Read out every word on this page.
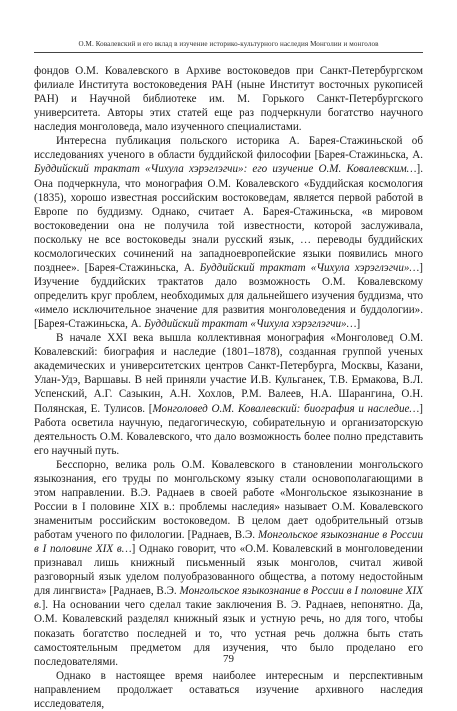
О.М. Ковалевский и его вклад в изучение историко-культурного наследия Монголии и монголов

фондов О.М. Ковалевского в Архиве востоковедов при Санкт-Петербургском филиале Института востоковедения РАН (ныне Институт восточных рукописей РАН) и Научной библиотеке им. М. Горького Санкт-Петербургского университета. Авторы этих статей еще раз подчеркнули богатство научного наследия монголоведа, мало изученного специалистами.

Интересна публикация польского историка А. Барея-Стажиньской об исследованиях ученого в области буддийской философии [Барея-Стажиньска, А. Буддийский трактат «Чихула хэрэглэгчи»: его изучение О.М. Ковалевским…]. Она подчеркнула, что монография О.М. Ковалевского «Буддийская космология (1835), хорошо известная российским востоковедам, является первой работой в Европе по буддизму. Однако, считает А. Барея-Стажиньска, «в мировом востоковедении она не получила той известности, которой заслуживала, поскольку не все востоковеды знали русский язык, … переводы буддийских космологических сочинений на западноевропейские языки появились много позднее». [Барея-Стажиньска, А. Буддийский трактат «Чихула хэрэглэгчи»…] Изучение буддийских трактатов дало возможность О.М. Ковалевскому определить круг проблем, необходимых для дальнейшего изучения буддизма, что «имело исключительное значение для развития монголоведения и буддологии». [Барея-Стажиньска, А. Буддийский трактат «Чихула хэрэглэгчи»…]

В начале XXI века вышла коллективная монография «Монголовед О.М. Ковалевский: биография и наследие (1801–1878), созданная группой ученых академических и университетских центров Санкт-Петербурга, Москвы, Казани, Улан-Удэ, Варшавы. В ней приняли участие И.В. Кульганек, Т.В. Ермакова, В.Л. Успенский, А.Г. Сазыкин, А.Н. Хохлов, Р.М. Валеев, Н.А. Шарангина, О.Н. Полянская, Е. Тулисов. [Монголовед О.М. Ковалевский: биография и наследие…] Работа осветила научную, педагогическую, собирательную и организаторскую деятельность О.М. Ковалевского, что дало возможность более полно представить его научный путь.

Бесспорно, велика роль О.М. Ковалевского в становлении монгольского языкознания, его труды по монгольскому языку стали основополагающими в этом направлении. В.Э. Раднаев в своей работе «Монгольское языкознание в России в I половине XIX в.: проблемы наследия» называет О.М. Ковалевского знаменитым российским востоковедом. В целом дает одобрительный отзыв работам ученого по филологии. [Раднаев, В.Э. Монгольское языкознание в России в I половине XIX в…] Однако говорит, что «О.М. Ковалевский в монголоведении признавал лишь книжный письменный язык монголов, считал живой разговорный язык уделом полуобразованного общества, а потому недостойным для лингвиста» [Раднаев, В.Э. Монгольское языкознание в России в I половине XIX в.]. На основании чего сделал такие заключения В. Э. Раднаев, непонятно. Да, О.М. Ковалевский разделял книжный язык и устную речь, но для того, чтобы показать богатство последней и то, что устная речь должна быть стать самостоятельным предметом для изучения, что было проделано его последователями.

Однако в настоящее время наиболее интересным и перспективным направлением продолжает оставаться изучение архивного наследия исследователя,

79
